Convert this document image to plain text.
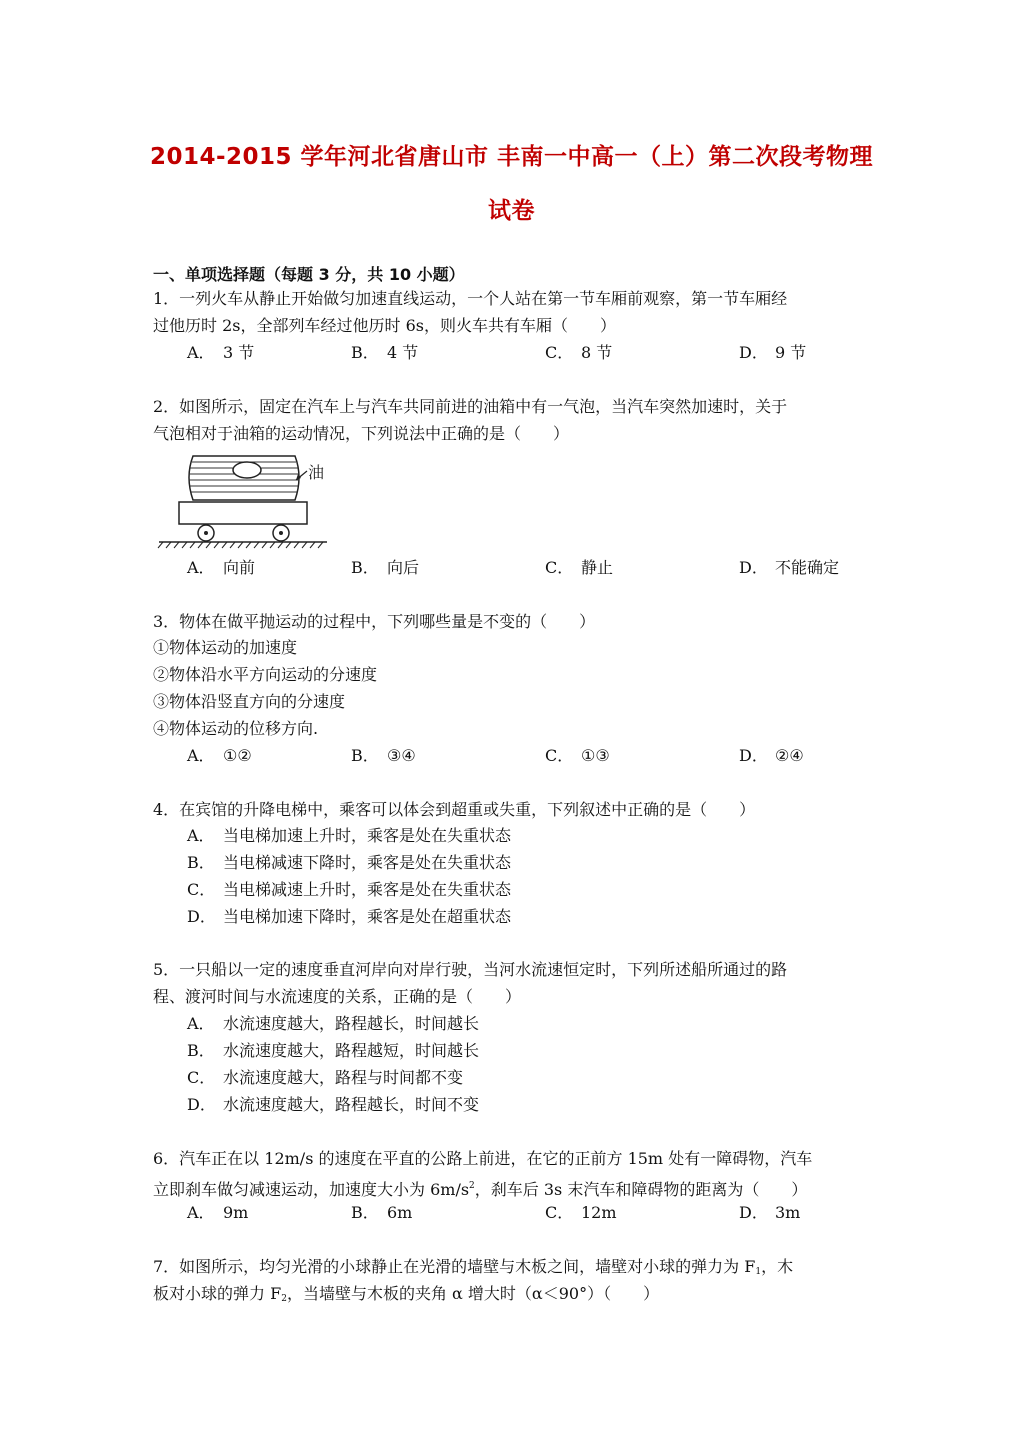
2014-2015 学年河北省唐山市 丰南一中高一（上）第二次段考物理
试卷
一、单项选择题（每题 3 分，共 10 小题）
1．一列火车从静止开始做匀加速直线运动，一个人站在第一节车厢前观察，第一节车厢经
过他历时 2s，全部列车经过他历时 6s，则火车共有车厢（　　）
A． 3 节	B． 4 节	C． 8 节	D． 9 节
2．如图所示，固定在汽车上与汽车共同前进的油箱中有一气泡，当汽车突然加速时，关于
气泡相对于油箱的运动情况，下列说法中正确的是（　　）
油
A． 向前	B． 向后	C． 静止	D． 不能确定
3．物体在做平抛运动的过程中，下列哪些量是不变的（　　）
①物体运动的加速度
②物体沿水平方向运动的分速度
③物体沿竖直方向的分速度
④物体运动的位移方向.
A． ①②	B． ③④	C． ①③	D． ②④
4．在宾馆的升降电梯中，乘客可以体会到超重或失重，下列叙述中正确的是（　　）
A． 当电梯加速上升时，乘客是处在失重状态
B． 当电梯减速下降时，乘客是处在失重状态
C． 当电梯减速上升时，乘客是处在失重状态
D． 当电梯加速下降时，乘客是处在超重状态
5．一只船以一定的速度垂直河岸向对岸行驶，当河水流速恒定时，下列所述船所通过的路
程、渡河时间与水流速度的关系，正确的是（　　）
A． 水流速度越大，路程越长，时间越长
B． 水流速度越大，路程越短，时间越长
C． 水流速度越大，路程与时间都不变
D． 水流速度越大，路程越长，时间不变
6．汽车正在以 12m/s 的速度在平直的公路上前进，在它的正前方 15m 处有一障碍物，汽车
立即刹车做匀减速运动，加速度大小为 $6m/s^2$，刹车后 3s 末汽车和障碍物的距离为（　　）
A． 9m	B． 6m	C． 12m	D． 3m
7．如图所示，均匀光滑的小球静止在光滑的墙壁与木板之间，墙壁对小球的弹力为 $F_1$，木
板对小球的弹力 $F_2$，当墙壁与木板的夹角 α 增大时（α＜90°）（　　）
